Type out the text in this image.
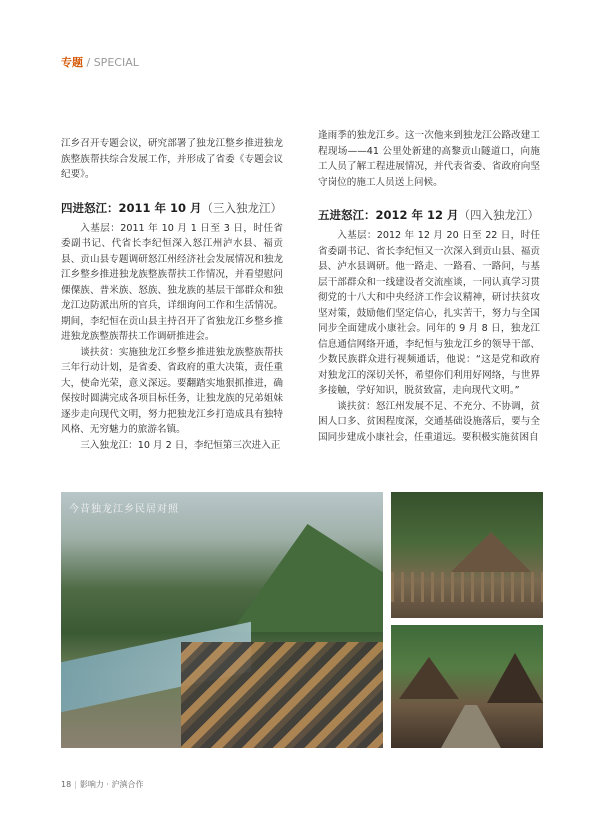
专题 / SPECIAL

江乡召开专题会议，研究部署了独龙江整乡推进独龙族整族帮扶综合发展工作，并形成了省委《专题会议纪要》。

四进怒江：2011 年 10 月（三入独龙江）

入基层：2011 年 10 月 1 日至 3 日，时任省委副书记、代省长李纪恒深入怒江州泸水县、福贡县、贡山县专题调研怒江州经济社会发展情况和独龙江乡整乡推进独龙族整族帮扶工作情况，并看望慰问傈僳族、普米族、怒族、独龙族的基层干部群众和独龙江边防派出所的官兵，详细询问工作和生活情况。期间，李纪恒在贡山县主持召开了省独龙江乡整乡推进独龙族整族帮扶工作调研推进会。

谈扶贫：实施独龙江乡整乡推进独龙族整族帮扶三年行动计划，是省委、省政府的重大决策，责任重大，使命光荣，意义深远。要翻踏实地狠抓推进，确保按时圆满完成各项目标任务，让独龙族的兄弟姐妹逐步走向现代文明，努力把独龙江乡打造成具有独特风格、无穷魅力的旅游名镇。

三入独龙江：10 月 2 日，李纪恒第三次进入正

逢雨季的独龙江乡。这一次他来到独龙江公路改建工程现场——41 公里处新建的高黎贡山隧道口，向施工人员了解工程进展情况，并代表省委、省政府向坚守岗位的施工人员送上问候。

五进怒江：2012 年 12 月（四入独龙江）

入基层：2012 年 12 月 20 日至 22 日，时任省委副书记、省长李纪恒又一次深入到贡山县、福贡县、泸水县调研。他一路走、一路看、一路问，与基层干部群众和一线建设者交流座谈，一同认真学习贯彻党的十八大和中央经济工作会议精神，研讨扶贫攻坚对策，鼓励他们坚定信心，扎实苦干，努力与全国同步全面建成小康社会。同年的 9 月 8 日，独龙江信息通信网络开通，李纪恒与独龙江乡的领导干部、少数民族群众进行视频通话，他说：“这是党和政府对独龙江的深切关怀，希望你们利用好网络，与世界多接触，学好知识，脱贫致富，走向现代文明。”

谈扶贫：怒江州发展不足、不充分、不协调，贫困人口多、贫困程度深，交通基础设施落后，要与全国同步建成小康社会，任重道远。要积极实施贫困自

今昔独龙江乡民居对照
18 | 影响力 · 沪滇合作
